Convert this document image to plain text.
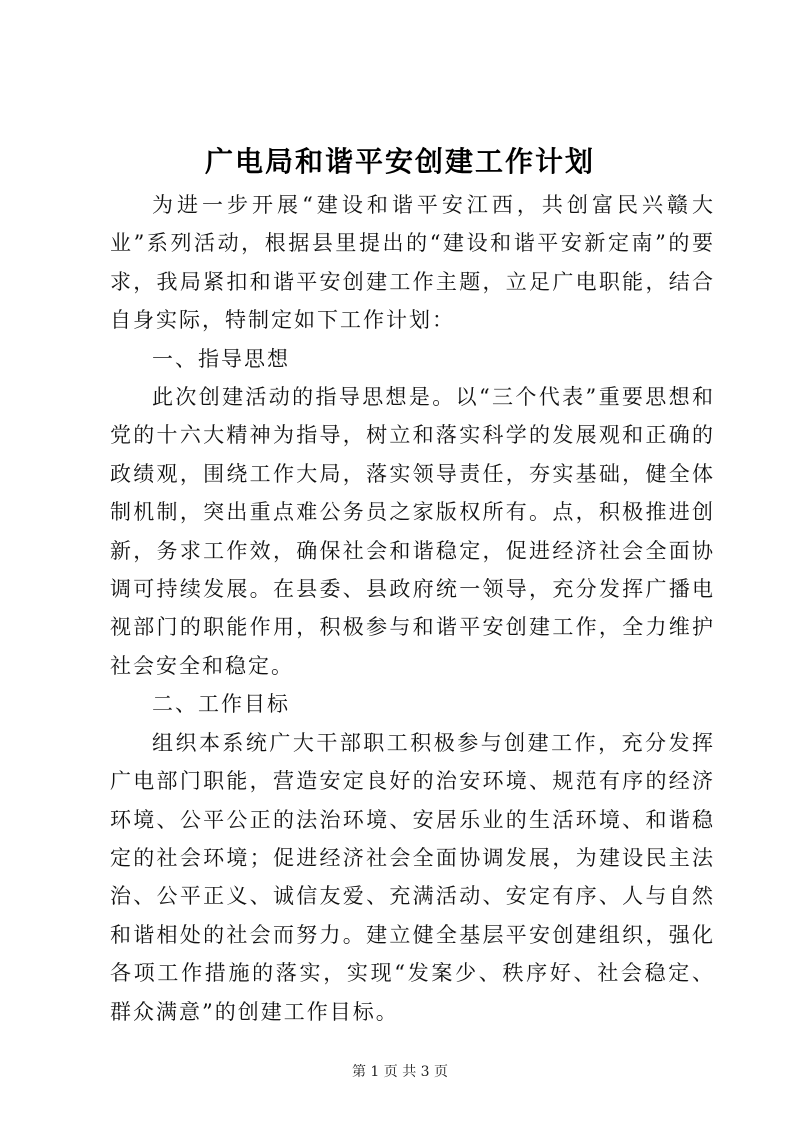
广电局和谐平安创建工作计划

为进一步开展“建设和谐平安江西，共创富民兴赣大业”系列活动，根据县里提出的“建设和谐平安新定南”的要求，我局紧扣和谐平安创建工作主题，立足广电职能，结合自身实际，特制定如下工作计划：

一、指导思想

此次创建活动的指导思想是。以“三个代表”重要思想和党的十六大精神为指导，树立和落实科学的发展观和正确的政绩观，围绕工作大局，落实领导责任，夯实基础，健全体制机制，突出重点难公务员之家版权所有。点，积极推进创新，务求工作效，确保社会和谐稳定，促进经济社会全面协调可持续发展。在县委、县政府统一领导，充分发挥广播电视部门的职能作用，积极参与和谐平安创建工作，全力维护社会安全和稳定。

二、工作目标

组织本系统广大干部职工积极参与创建工作，充分发挥广电部门职能，营造安定良好的治安环境、规范有序的经济环境、公平公正的法治环境、安居乐业的生活环境、和谐稳定的社会环境；促进经济社会全面协调发展，为建设民主法治、公平正义、诚信友爱、充满活动、安定有序、人与自然和谐相处的社会而努力。建立健全基层平安创建组织，强化各项工作措施的落实，实现“发案少、秩序好、社会稳定、群众满意”的创建工作目标。

第 1 页 共 3 页
